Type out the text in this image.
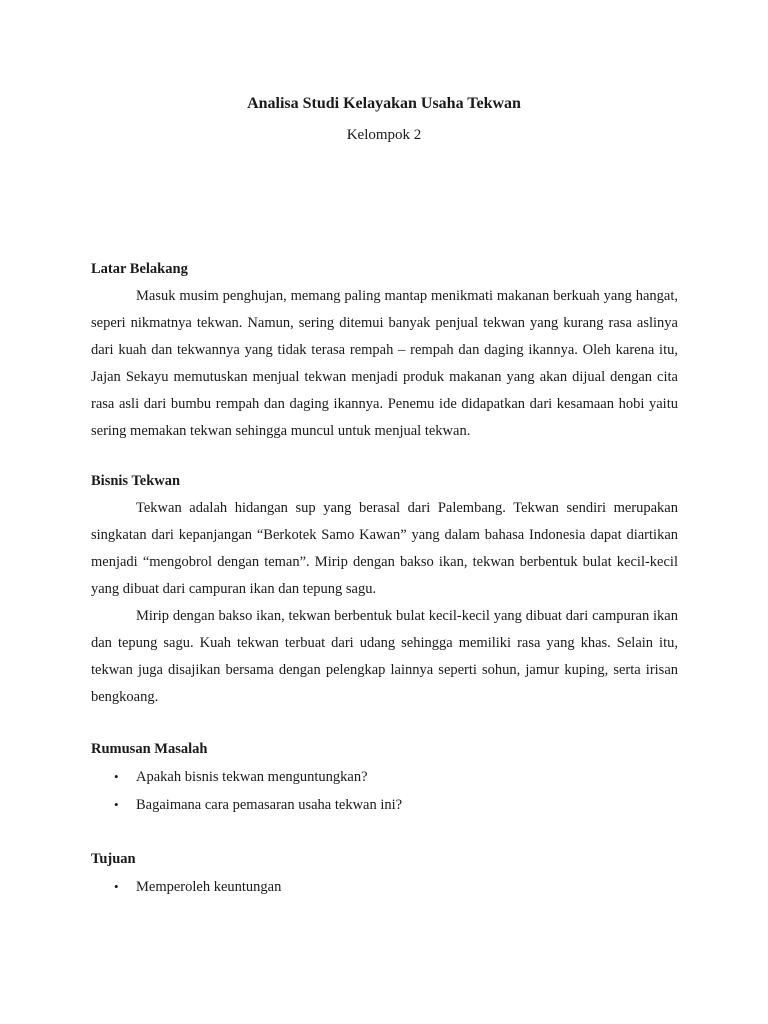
Analisa Studi Kelayakan Usaha Tekwan
Kelompok 2

Latar Belakang

Masuk musim penghujan, memang paling mantap menikmati makanan berkuah yang hangat, seperi nikmatnya tekwan. Namun, sering ditemui banyak penjual tekwan yang kurang rasa aslinya dari kuah dan tekwannya yang tidak terasa rempah – rempah dan daging ikannya. Oleh karena itu, Jajan Sekayu memutuskan menjual tekwan menjadi produk makanan yang akan dijual dengan cita rasa asli dari bumbu rempah dan daging ikannya. Penemu ide didapatkan dari kesamaan hobi yaitu sering memakan tekwan sehingga muncul untuk menjual tekwan.

Bisnis Tekwan

Tekwan adalah hidangan sup yang berasal dari Palembang. Tekwan sendiri merupakan singkatan dari kepanjangan “Berkotek Samo Kawan” yang dalam bahasa Indonesia dapat diartikan menjadi “mengobrol dengan teman”. Mirip dengan bakso ikan, tekwan berbentuk bulat kecil-kecil yang dibuat dari campuran ikan dan tepung sagu.

Mirip dengan bakso ikan, tekwan berbentuk bulat kecil-kecil yang dibuat dari campuran ikan dan tepung sagu. Kuah tekwan terbuat dari udang sehingga memiliki rasa yang khas. Selain itu, tekwan juga disajikan bersama dengan pelengkap lainnya seperti sohun, jamur kuping, serta irisan bengkoang.

Rumusan Masalah

• Apakah bisnis tekwan menguntungkan?
• Bagaimana cara pemasaran usaha tekwan ini?

Tujuan

• Memperoleh keuntungan
